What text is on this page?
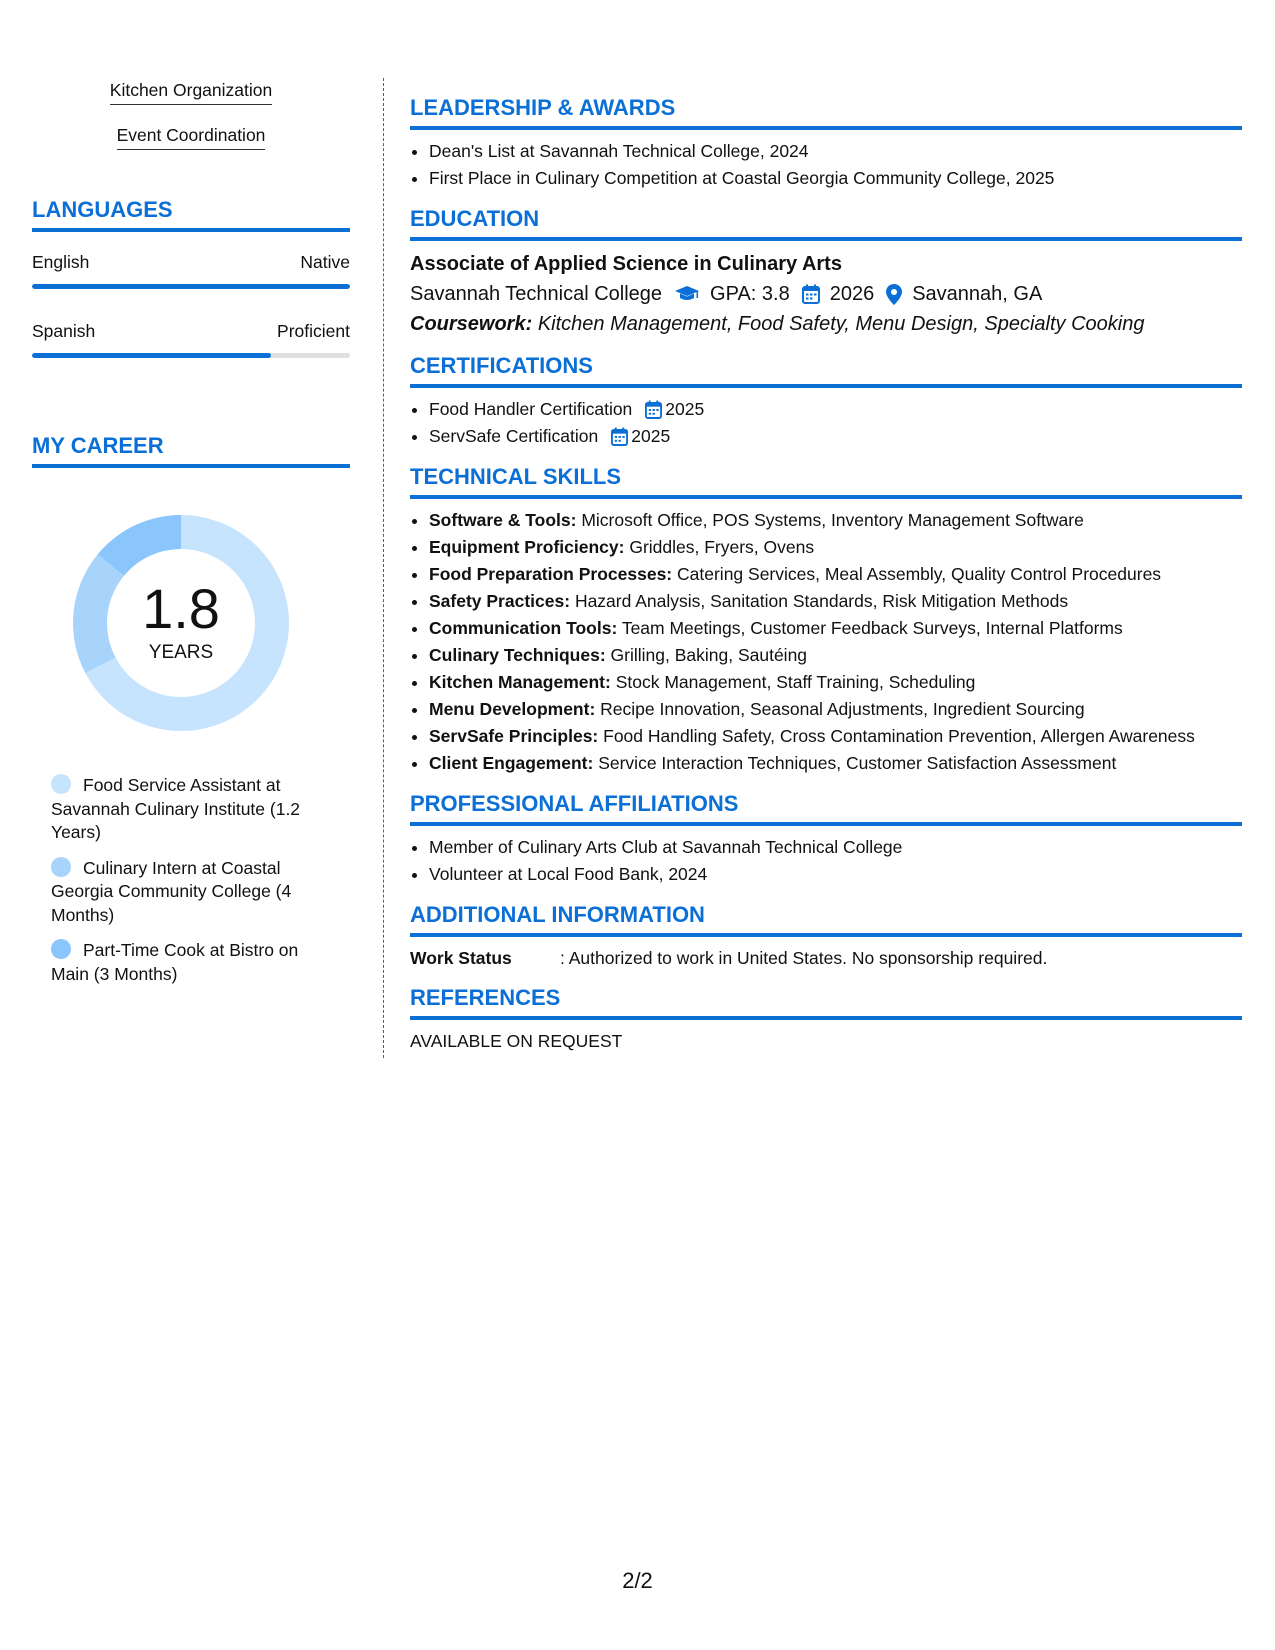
Kitchen Organization
Event Coordination
LANGUAGES
English	Native
Spanish	Proficient
MY CAREER
1.8
YEARS
Food Service Assistant at Savannah Culinary Institute (1.2 Years)
Culinary Intern at Coastal Georgia Community College (4 Months)
Part-Time Cook at Bistro on Main (3 Months)
LEADERSHIP & AWARDS
• Dean's List at Savannah Technical College, 2024
• First Place in Culinary Competition at Coastal Georgia Community College, 2025
EDUCATION
Associate of Applied Science in Culinary Arts
Savannah Technical College GPA: 3.8 2026 Savannah, GA
Coursework: Kitchen Management, Food Safety, Menu Design, Specialty Cooking
CERTIFICATIONS
• Food Handler Certification 2025
• ServSafe Certification 2025
TECHNICAL SKILLS
• Software & Tools: Microsoft Office, POS Systems, Inventory Management Software
• Equipment Proficiency: Griddles, Fryers, Ovens
• Food Preparation Processes: Catering Services, Meal Assembly, Quality Control Procedures
• Safety Practices: Hazard Analysis, Sanitation Standards, Risk Mitigation Methods
• Communication Tools: Team Meetings, Customer Feedback Surveys, Internal Platforms
• Culinary Techniques: Grilling, Baking, Sautéing
• Kitchen Management: Stock Management, Staff Training, Scheduling
• Menu Development: Recipe Innovation, Seasonal Adjustments, Ingredient Sourcing
• ServSafe Principles: Food Handling Safety, Cross Contamination Prevention, Allergen Awareness
• Client Engagement: Service Interaction Techniques, Customer Satisfaction Assessment
PROFESSIONAL AFFILIATIONS
• Member of Culinary Arts Club at Savannah Technical College
• Volunteer at Local Food Bank, 2024
ADDITIONAL INFORMATION
Work Status	: Authorized to work in United States. No sponsorship required.
REFERENCES
AVAILABLE ON REQUEST
2/2
